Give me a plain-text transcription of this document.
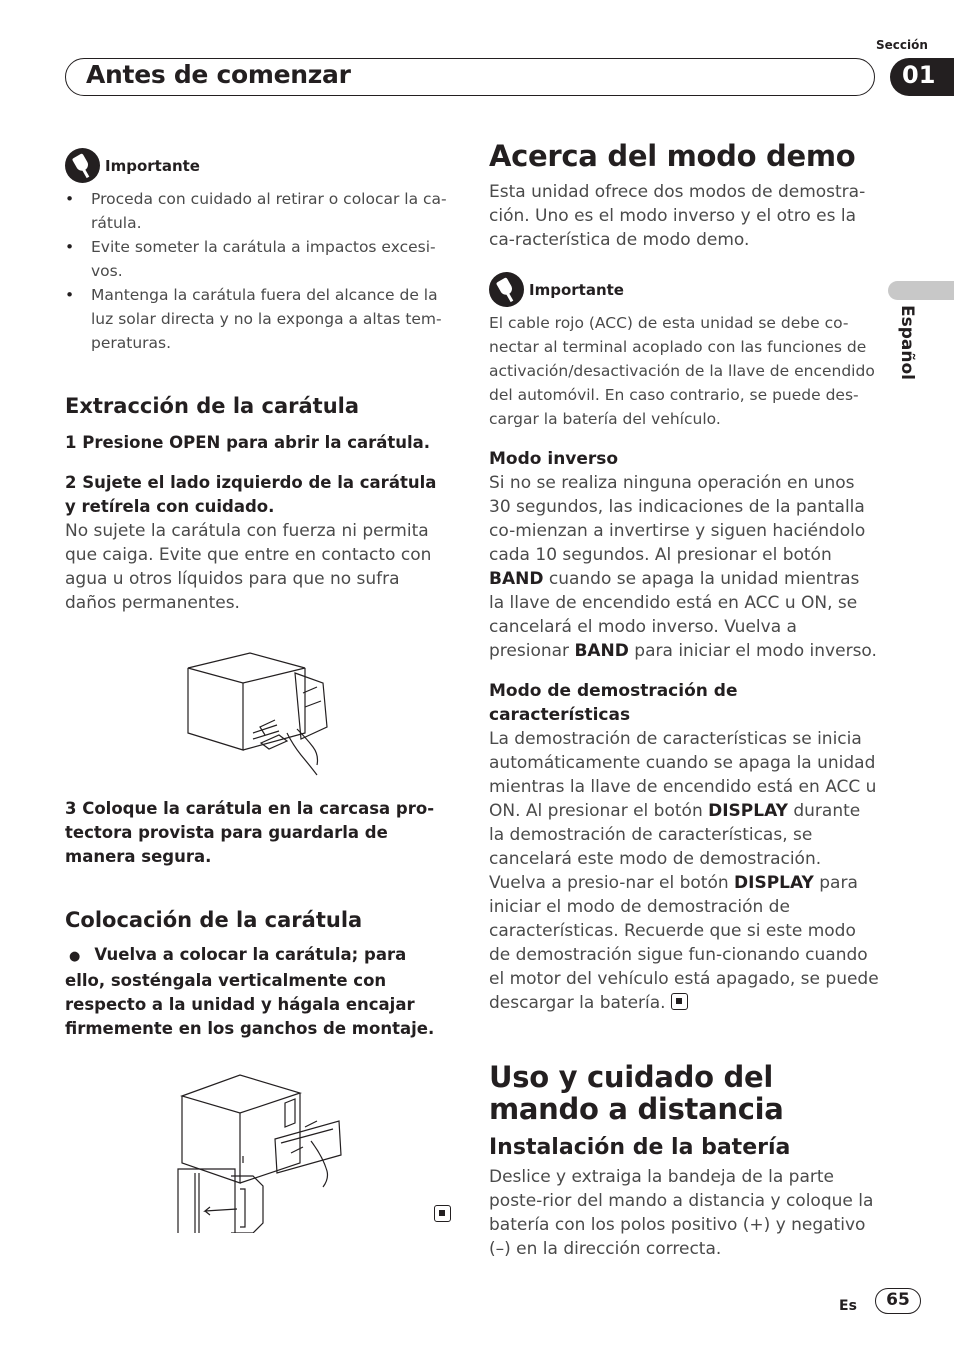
Sección
Antes de comenzar	01
Español
Importante
• Proceda con cuidado al retirar o colocar la ca-rátula.
• Evite someter la carátula a impactos excesi-vos.
• Mantenga la carátula fuera del alcance de la luz solar directa y no la exponga a altas tem-peraturas.
Extracción de la carátula
1 Presione OPEN para abrir la carátula.
2 Sujete el lado izquierdo de la carátula y retírela con cuidado.
No sujete la carátula con fuerza ni permita que caiga. Evite que entre en contacto con agua u otros líquidos para que no sufra daños permanentes.
3 Coloque la carátula en la carcasa pro-tectora provista para guardarla de manera segura.
Colocación de la carátula
● Vuelva a colocar la carátula; para ello, sosténgala verticalmente con respecto a la unidad y hágala encajar firmemente en los ganchos de montaje.
Acerca del modo demo
Esta unidad ofrece dos modos de demostra-ción. Uno es el modo inverso y el otro es la ca-racterística de modo demo.
Importante
El cable rojo (ACC) de esta unidad se debe co-nectar al terminal acoplado con las funciones de activación/desactivación de la llave de encendido del automóvil. En caso contrario, se puede des-cargar la batería del vehículo.
Modo inverso
Si no se realiza ninguna operación en unos 30 segundos, las indicaciones de la pantalla co-mienzan a invertirse y siguen haciéndolo cada 10 segundos. Al presionar el botón BAND cuando se apaga la unidad mientras la llave de encendido está en ACC u ON, se cancelará el modo inverso. Vuelva a presionar BAND para iniciar el modo inverso.
Modo de demostración de características
La demostración de características se inicia automáticamente cuando se apaga la unidad mientras la llave de encendido está en ACC u ON. Al presionar el botón DISPLAY durante la demostración de características, se cancelará este modo de demostración. Vuelva a presio-nar el botón DISPLAY para iniciar el modo de demostración de características. Recuerde que si este modo de demostración sigue fun-cionando cuando el motor del vehículo está apagado, se puede descargar la batería.
Uso y cuidado del mando a distancia
Instalación de la batería
Deslice y extraiga la bandeja de la parte poste-rior del mando a distancia y coloque la batería con los polos positivo (+) y negativo (–) en la dirección correcta.
Es	65
